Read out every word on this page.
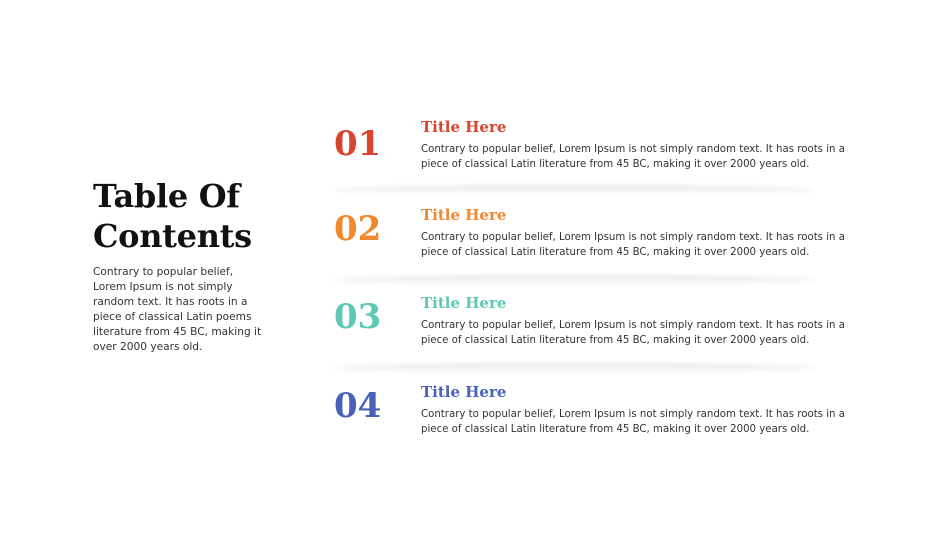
Table Of
Contents
Contrary to popular belief, Lorem Ipsum is not simply random text. It has roots in a piece of classical Latin poems literature from 45 BC, making it over 2000 years old.
01	Title Here
Contrary to popular belief, Lorem Ipsum is not simply random text. It has roots in a piece of classical Latin literature from 45 BC, making it over 2000 years old.
02	Title Here
Contrary to popular belief, Lorem Ipsum is not simply random text. It has roots in a piece of classical Latin literature from 45 BC, making it over 2000 years old.
03	Title Here
Contrary to popular belief, Lorem Ipsum is not simply random text. It has roots in a piece of classical Latin literature from 45 BC, making it over 2000 years old.
04	Title Here
Contrary to popular belief, Lorem Ipsum is not simply random text. It has roots in a piece of classical Latin literature from 45 BC, making it over 2000 years old.
